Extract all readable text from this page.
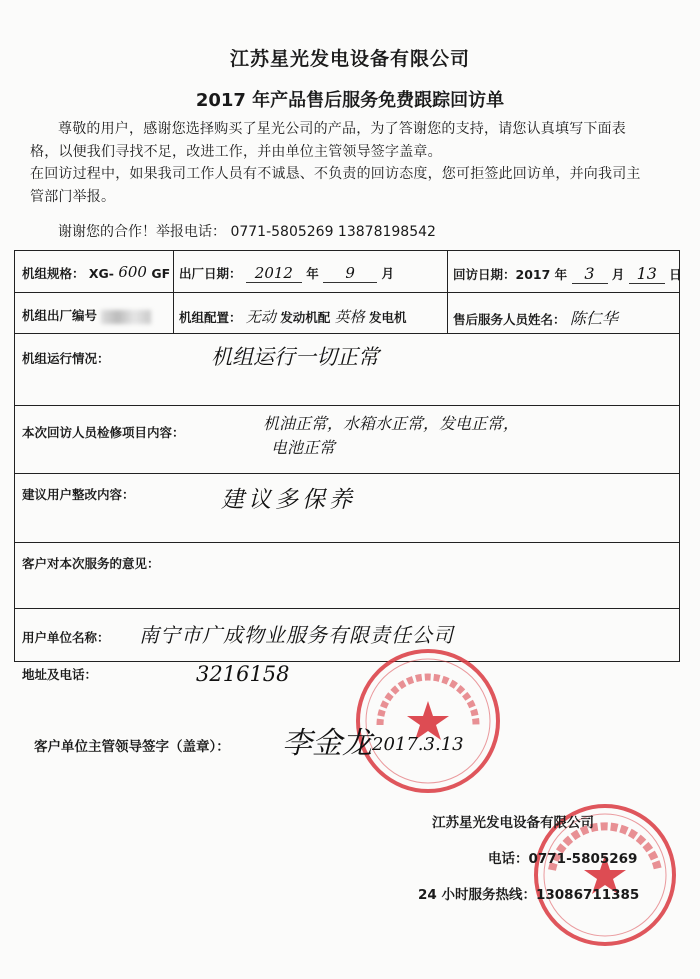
江苏星光发电设备有限公司
2017 年产品售后服务免费跟踪回访单

尊敬的用户，感谢您选择购买了星光公司的产品，为了答谢您的支持，请您认真填写下面表格，以便我们寻找不足，改进工作，并由单位主管领导签字盖章。

在回访过程中，如果我司工作人员有不诚恳、不负责的回访态度，您可拒签此回访单，并向我司主管部门举报。

谢谢您的合作！举报电话： 0771-5805269 13878198542
机组规格： XG- 600 GF 出厂日期： 2012 年 9 月	回访日期：2017 年 3 月 13 日
机组出厂编号	机组配置： 无动 发动机配 英格 发电机	售后服务人员姓名： 陈仁华
机组运行情况：	机组运行一切正常
本次回访人员检修项目内容：	机油正常，水箱水正常，发电正常，
电池正常
建议用户整改内容：	建议多保养
客户对本次服务的意见：
用户单位名称： 南宁市广成物业服务有限责任公司
地址及电话：	3216158
客户单位主管领导签字（盖章）： 李金龙 2017.3.13
江苏星光发电设备有限公司
电话：0771-5805269
24 小时服务热线：13086711385
